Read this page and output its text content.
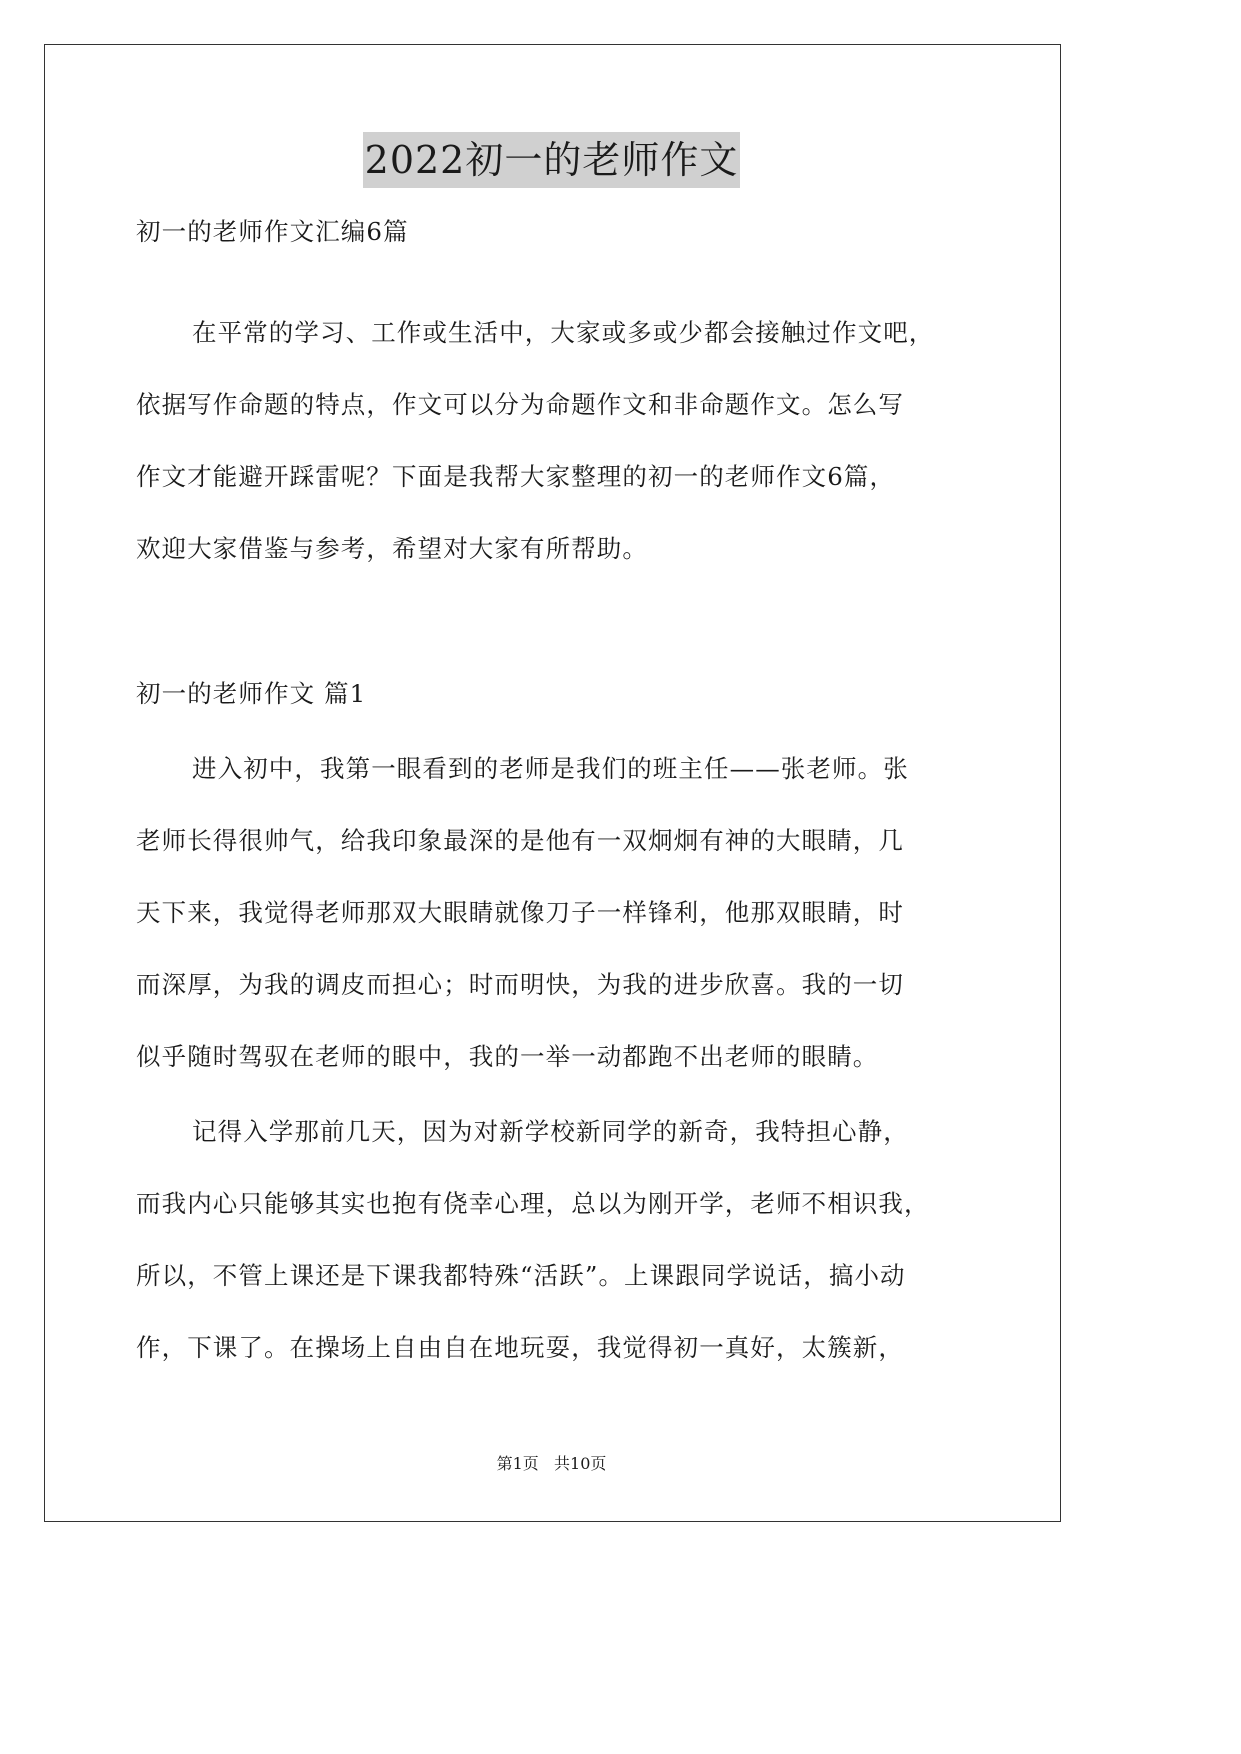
2022初一的老师作文

初一的老师作文汇编6篇

在平常的学习、工作或生活中，大家或多或少都会接触过作文吧，

依据写作命题的特点，作文可以分为命题作文和非命题作文。怎么写

作文才能避开踩雷呢？下面是我帮大家整理的初一的老师作文6篇，

欢迎大家借鉴与参考，希望对大家有所帮助。

初一的老师作文 篇1

进入初中，我第一眼看到的老师是我们的班主任——张老师。张

老师长得很帅气，给我印象最深的是他有一双炯炯有神的大眼睛，几

天下来，我觉得老师那双大眼睛就像刀子一样锋利，他那双眼睛，时

而深厚，为我的调皮而担心；时而明快，为我的进步欣喜。我的一切

似乎随时驾驭在老师的眼中，我的一举一动都跑不出老师的眼睛。

记得入学那前几天，因为对新学校新同学的新奇，我特担心静，

而我内心只能够其实也抱有侥幸心理，总以为刚开学，老师不相识我，

所以，不管上课还是下课我都特殊“活跃”。上课跟同学说话，搞小动

作，下课了。在操场上自由自在地玩耍，我觉得初一真好，太簇新，

第1页 共10页
